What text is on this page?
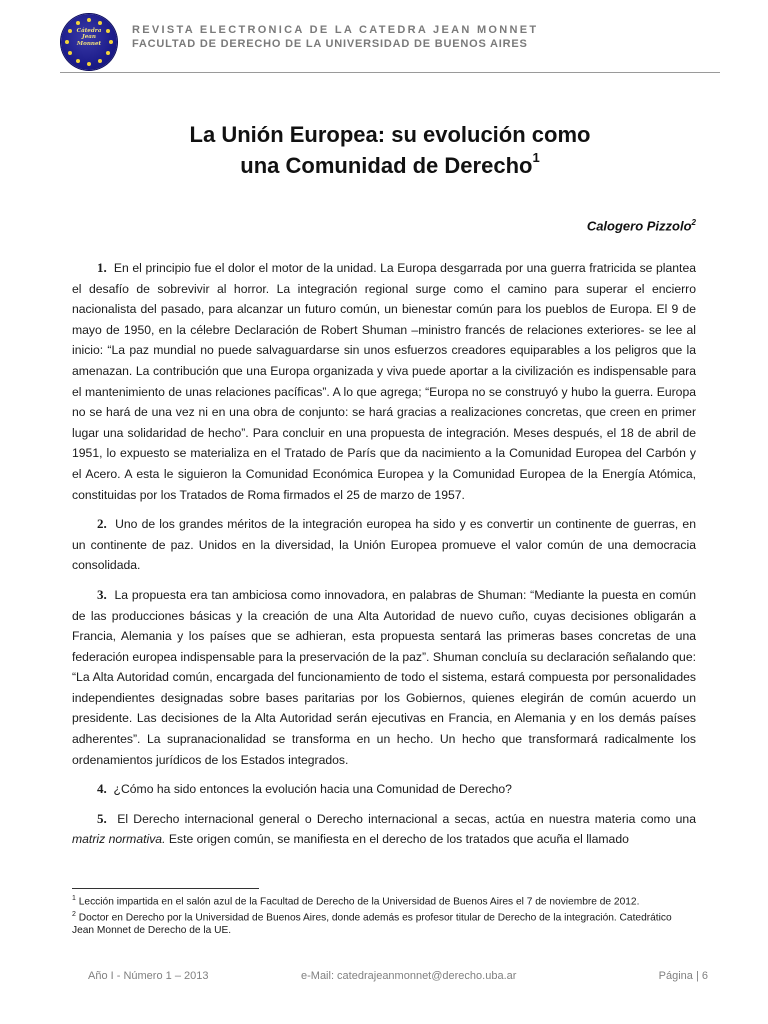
Cátedra
Jean
Monnet
REVISTA ELECTRONICA DE LA CATEDRA JEAN MONNET
FACULTAD DE DERECHO DE LA UNIVERSIDAD DE BUENOS AIRES
La Unión Europea: su evolución como
una Comunidad de Derecho$^1$
Calogero Pizzolo$^2$

1. En el principio fue el dolor el motor de la unidad. La Europa desgarrada por una guerra fratricida se plantea el desafío de sobrevivir al horror. La integración regional surge como el camino para superar el encierro nacionalista del pasado, para alcanzar un futuro común, un bienestar común para los pueblos de Europa. El 9 de mayo de 1950, en la célebre Declaración de Robert Shuman –ministro francés de relaciones exteriores- se lee al inicio: “La paz mundial no puede salvaguardarse sin unos esfuerzos creadores equiparables a los peligros que la amenazan. La contribución que una Europa organizada y viva puede aportar a la civilización es indispensable para el mantenimiento de unas relaciones pacíficas”. A lo que agrega; “Europa no se construyó y hubo la guerra. Europa no se hará de una vez ni en una obra de conjunto: se hará gracias a realizaciones concretas, que creen en primer lugar una solidaridad de hecho”. Para concluir en una propuesta de integración. Meses después, el 18 de abril de 1951, lo expuesto se materializa en el Tratado de París que da nacimiento a la Comunidad Europea del Carbón y el Acero. A esta le siguieron la Comunidad Económica Europea y la Comunidad Europea de la Energía Atómica, constituidas por los Tratados de Roma firmados el 25 de marzo de 1957.

2. Uno de los grandes méritos de la integración europea ha sido y es convertir un continente de guerras, en un continente de paz. Unidos en la diversidad, la Unión Europea promueve el valor común de una democracia consolidada.

3. La propuesta era tan ambiciosa como innovadora, en palabras de Shuman: “Mediante la puesta en común de las producciones básicas y la creación de una Alta Autoridad de nuevo cuño, cuyas decisiones obligarán a Francia, Alemania y los países que se adhieran, esta propuesta sentará las primeras bases concretas de una federación europea indispensable para la preservación de la paz”. Shuman concluía su declaración señalando que: “La Alta Autoridad común, encargada del funcionamiento de todo el sistema, estará compuesta por personalidades independientes designadas sobre bases paritarias por los Gobiernos, quienes elegirán de común acuerdo un presidente. Las decisiones de la Alta Autoridad serán ejecutivas en Francia, en Alemania y en los demás países adherentes”. La supranacionalidad se transforma en un hecho. Un hecho que transformará radicalmente los ordenamientos jurídicos de los Estados integrados.

4. ¿Cómo ha sido entonces la evolución hacia una Comunidad de Derecho?

5. El Derecho internacional general o Derecho internacional a secas, actúa en nuestra materia como una matriz normativa. Este origen común, se manifiesta en el derecho de los tratados que acuña el llamado

$^1$ Lección impartida en el salón azul de la Facultad de Derecho de la Universidad de Buenos Aires el 7 de noviembre de 2012.
$^2$ Doctor en Derecho por la Universidad de Buenos Aires, donde además es profesor titular de Derecho de la integración. Catedrático Jean Monnet de Derecho de la UE.
Año I - Número 1 – 2013	e-Mail: catedrajeanmonnet@derecho.uba.ar	Página | 6
